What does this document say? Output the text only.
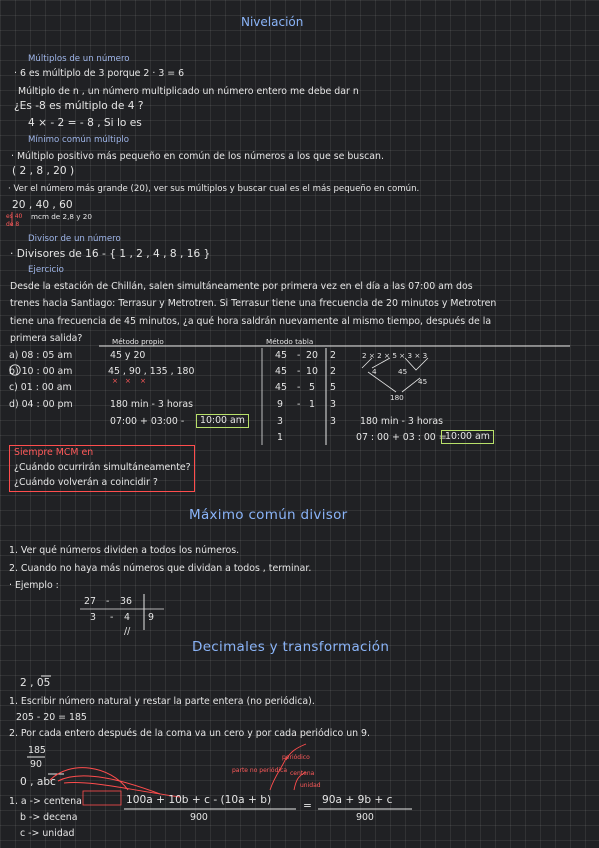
Nivelación
Múltiplos de un número
· 6 es múltiplo de 3 porque 2 · 3 = 6
Múltiplo de n , un número multiplicado un número entero me debe dar n
¿Es -8 es múltiplo de 4 ?
4 × - 2 = - 8 , Si lo es
Mínimo común múltiplo
· Múltiplo positivo más pequeño en común de los números a los que se buscan.
( 2 , 8 , 20 )
· Ver el número más grande (20), ver sus múltiplos y buscar cual es el más pequeño en común.
20 , 40 , 60
es 40 mcm de 2,8 y 20
de 8
Divisor de un número
· Divisores de 16 - { 1 , 2 , 4 , 8 , 16 }
Ejercicio
Desde la estación de Chillán, salen simultáneamente por primera vez en el día a las 07:00 am dos
trenes hacia Santiago: Terrasur y Metrotren. Si Terrasur tiene una frecuencia de 20 minutos y Metrotren
tiene una frecuencia de 45 minutos, ¿a qué hora saldrán nuevamente al mismo tiempo, después de la
primera salida?
a) 08 : 05 am
b) 10 : 00 am
c) 01 : 00 am
d) 04 : 00 pm
Método propio
45 y 20
45 , 90 , 135 , 180
×   ×    ×
180 min - 3 horas
07:00 + 03:00 -	10:00 am
Método tabla
45 - 20 2
45 - 10 2
45 - 5 5
9 - 1 3
3	3
1
2 × 2 × 5 × 3 × 3
4	45
45
180
180 min - 3 horas
07 : 00 + 03 : 00 =
10:00 am
Siempre MCM en
¿Cuándo ocurrirán simultáneamente?
¿Cuándo volverán a coincidir ?
Máximo común divisor
1. Ver qué números dividen a todos los números.
2. Cuando no haya más números que dividan a todos , terminar.
· Ejemplo :
27 - 36
3 - 4 9
//
Decimales y transformación
2 , 05
1. Escribir número natural y restar la parte entera (no periódica).
205 - 20 = 185
2. Por cada entero después de la coma va un cero y por cada periódico un 9.
185
90
0 , abc
periódico
parte no periódica centena
unidad
1. a -> centena
b -> decena
c -> unidad
100a + 10b + c - (10a + b)
900
= 90a + 9b + c
900
